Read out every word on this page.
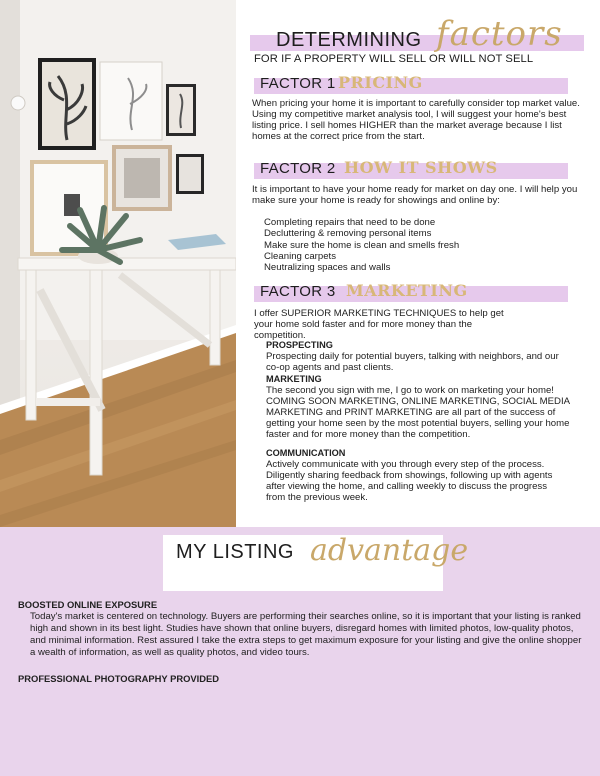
DETERMINING factors
FOR IF A PROPERTY WILL SELL OR WILL NOT SELL
FACTOR 1 PRICING
When pricing your home it is important to carefully consider top market value. Using my competitive market analysis tool, I will suggest your home's best listing price. I sell homes HIGHER than the market average because I list homes at the correct price from the start.
FACTOR 2 HOW IT SHOWS
It is important to have your home ready for market on day one. I will help you make sure your home is ready for showings and online by:
Completing repairs that need to be done
Decluttering & removing personal items
Make sure the home is clean and smells fresh
Cleaning carpets
Neutralizing spaces and walls
FACTOR 3 MARKETING
I offer SUPERIOR MARKETING TECHNIQUES to help get your home sold faster and for more money than the competition.
PROSPECTING
Prospecting daily for potential buyers, talking with neighbors, and our co-op agents and past clients.
MARKETING
The second you sign with me, I go to work on marketing your home! COMING SOON MARKETING, ONLINE MARKETING, SOCIAL MEDIA MARKETING and PRINT MARKETING are all part of the success of getting your home seen by the most potential buyers, selling your home faster and for more money than the competition.
COMMUNICATION
Actively communicate with you through every step of the process. Diligently sharing feedback from showings, following up with agents after viewing the home, and calling weekly to discuss the progress from the previous week.
MY LISTING advantage
BOOSTED ONLINE EXPOSURE
Today's market is centered on technology. Buyers are performing their searches online, so it is important that your listing is ranked high and shown in its best light. Studies have shown that online buyers, disregard homes with limited photos, low-quality photos, and minimal information. Rest assured I take the extra steps to get maximum exposure for your listing and give the online shopper a wealth of information, as well as quality photos, and video tours.
PROFESSIONAL PHOTOGRAPHY PROVIDED
